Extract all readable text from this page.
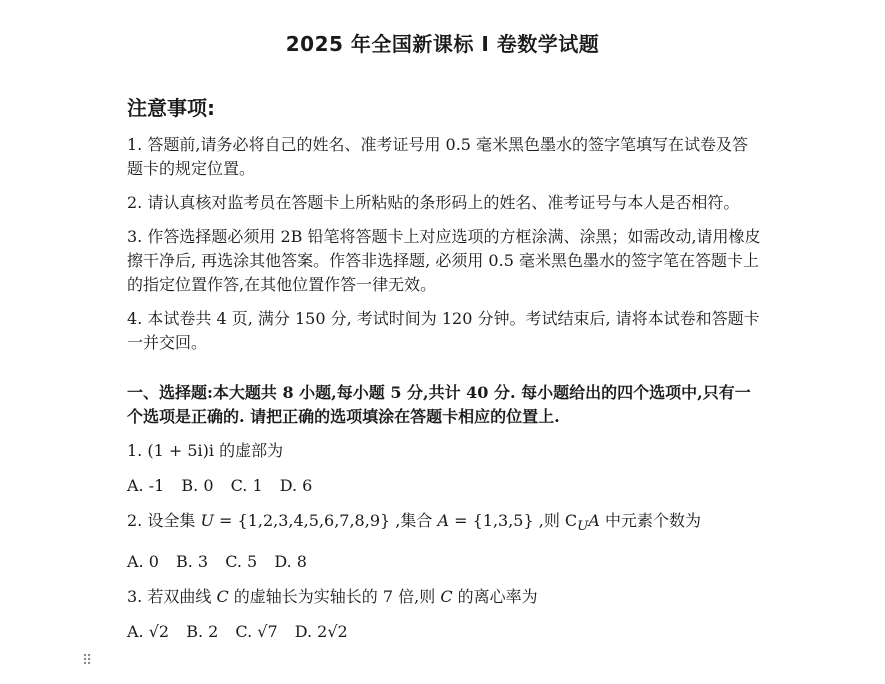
2025 年全国新课标 I 卷数学试题
注意事项:
1. 答题前,请务必将自己的姓名、准考证号用 0.5 毫米黑色墨水的签字笔填写在试卷及答题卡的规定位置。
2. 请认真核对监考员在答题卡上所粘贴的条形码上的姓名、准考证号与本人是否相符。
3. 作答选择题必须用 2B 铅笔将答题卡上对应选项的方框涂满、涂黑；如需改动,请用橡皮擦干净后, 再选涂其他答案。作答非选择题, 必须用 0.5 毫米黑色墨水的签字笔在答题卡上的指定位置作答,在其他位置作答一律无效。
4. 本试卷共 4 页, 满分 150 分, 考试时间为 120 分钟。考试结束后, 请将本试卷和答题卡一并交回。
一、选择题:本大题共 8 小题,每小题 5 分,共计 40 分. 每小题给出的四个选项中,只有一个选项是正确的. 请把正确的选项填涂在答题卡相应的位置上.
1. (1 + 5i)i 的虚部为
A. -1 B. 0 C. 1 D. 6
2. 设全集 U = {1,2,3,4,5,6,7,8,9} ,集合 A = {1,3,5} ,则 $C_UA$ 中元素个数为
A. 0 B. 3 C. 5 D. 8
3. 若双曲线 C 的虚轴长为实轴长的 7 倍,则 C 的离心率为
A. √2 B. 2 C. √7 D. 2√2
⠿
